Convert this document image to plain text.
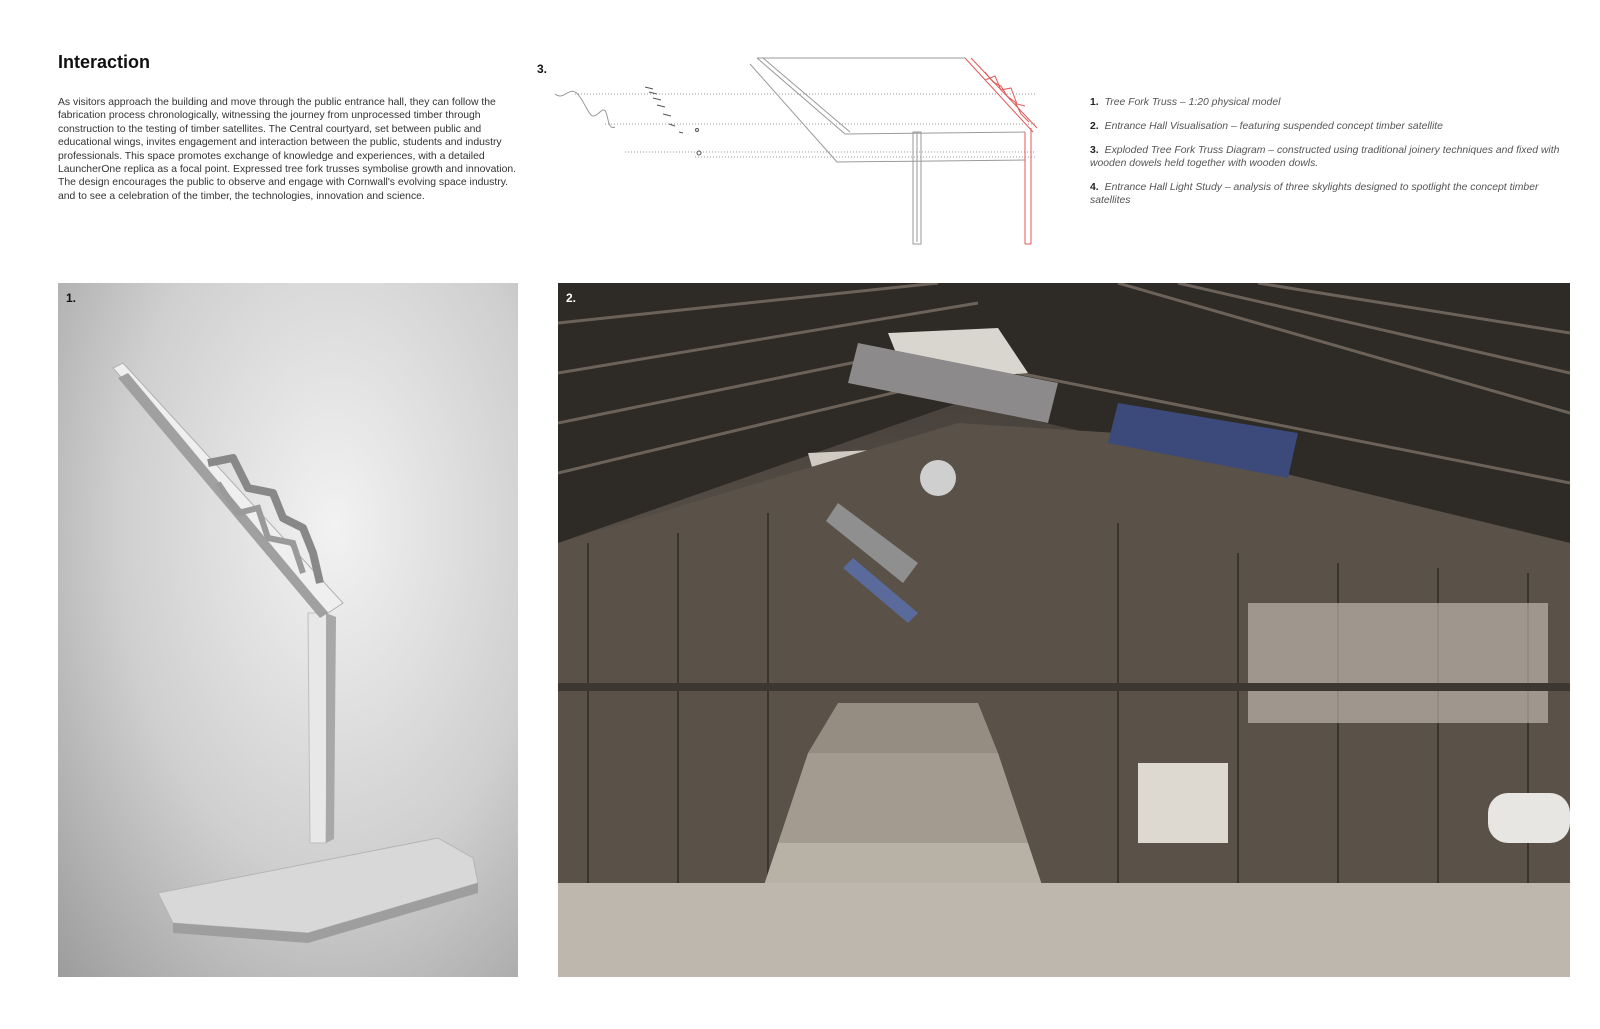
Interaction

As visitors approach the building and move through the public entrance hall, they can follow the fabrication process chronologically, witnessing the journey from unprocessed timber through construction to the testing of timber satellites. The Central courtyard, set between public and educational wings, invites engagement and interaction between the public, students and industry professionals. This space promotes exchange of knowledge and experiences, with a detailed LauncherOne replica as a focal point. Expressed tree fork trusses symbolise growth and innovation. The design encourages the public to observe and engage with Cornwall's evolving space industry. and to see a celebration of the timber, the technologies, innovation and science.

3.
1. Tree Fork Truss – 1:20 physical model
2. Entrance Hall Visualisation – featuring suspended concept timber satellite
3. Exploded Tree Fork Truss Diagram – constructed using traditional joinery techniques and fixed with wooden dowels held together with wooden dowls.
4. Entrance Hall Light Study – analysis of three skylights designed to spotlight the concept timber satellites
1.	2.
